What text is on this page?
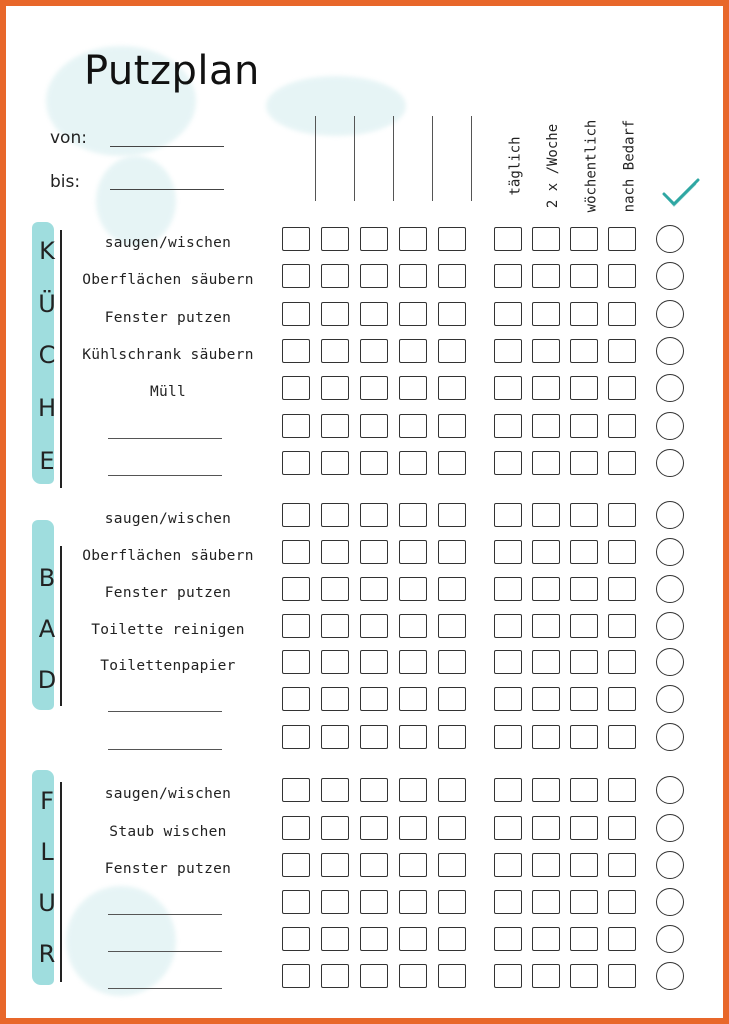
Putzplan
von:
bis:	täglich 2 x /Woche wöchentlich nach Bedarf
K
Ü
C
H
E
saugen/wischen
Oberflächen säubern
Fenster putzen
Kühlschrank säubern
Müll
B
A
D
saugen/wischen
Oberflächen säubern
Fenster putzen
Toilette reinigen
Toilettenpapier
F
L
U
R
saugen/wischen
Staub wischen
Fenster putzen
